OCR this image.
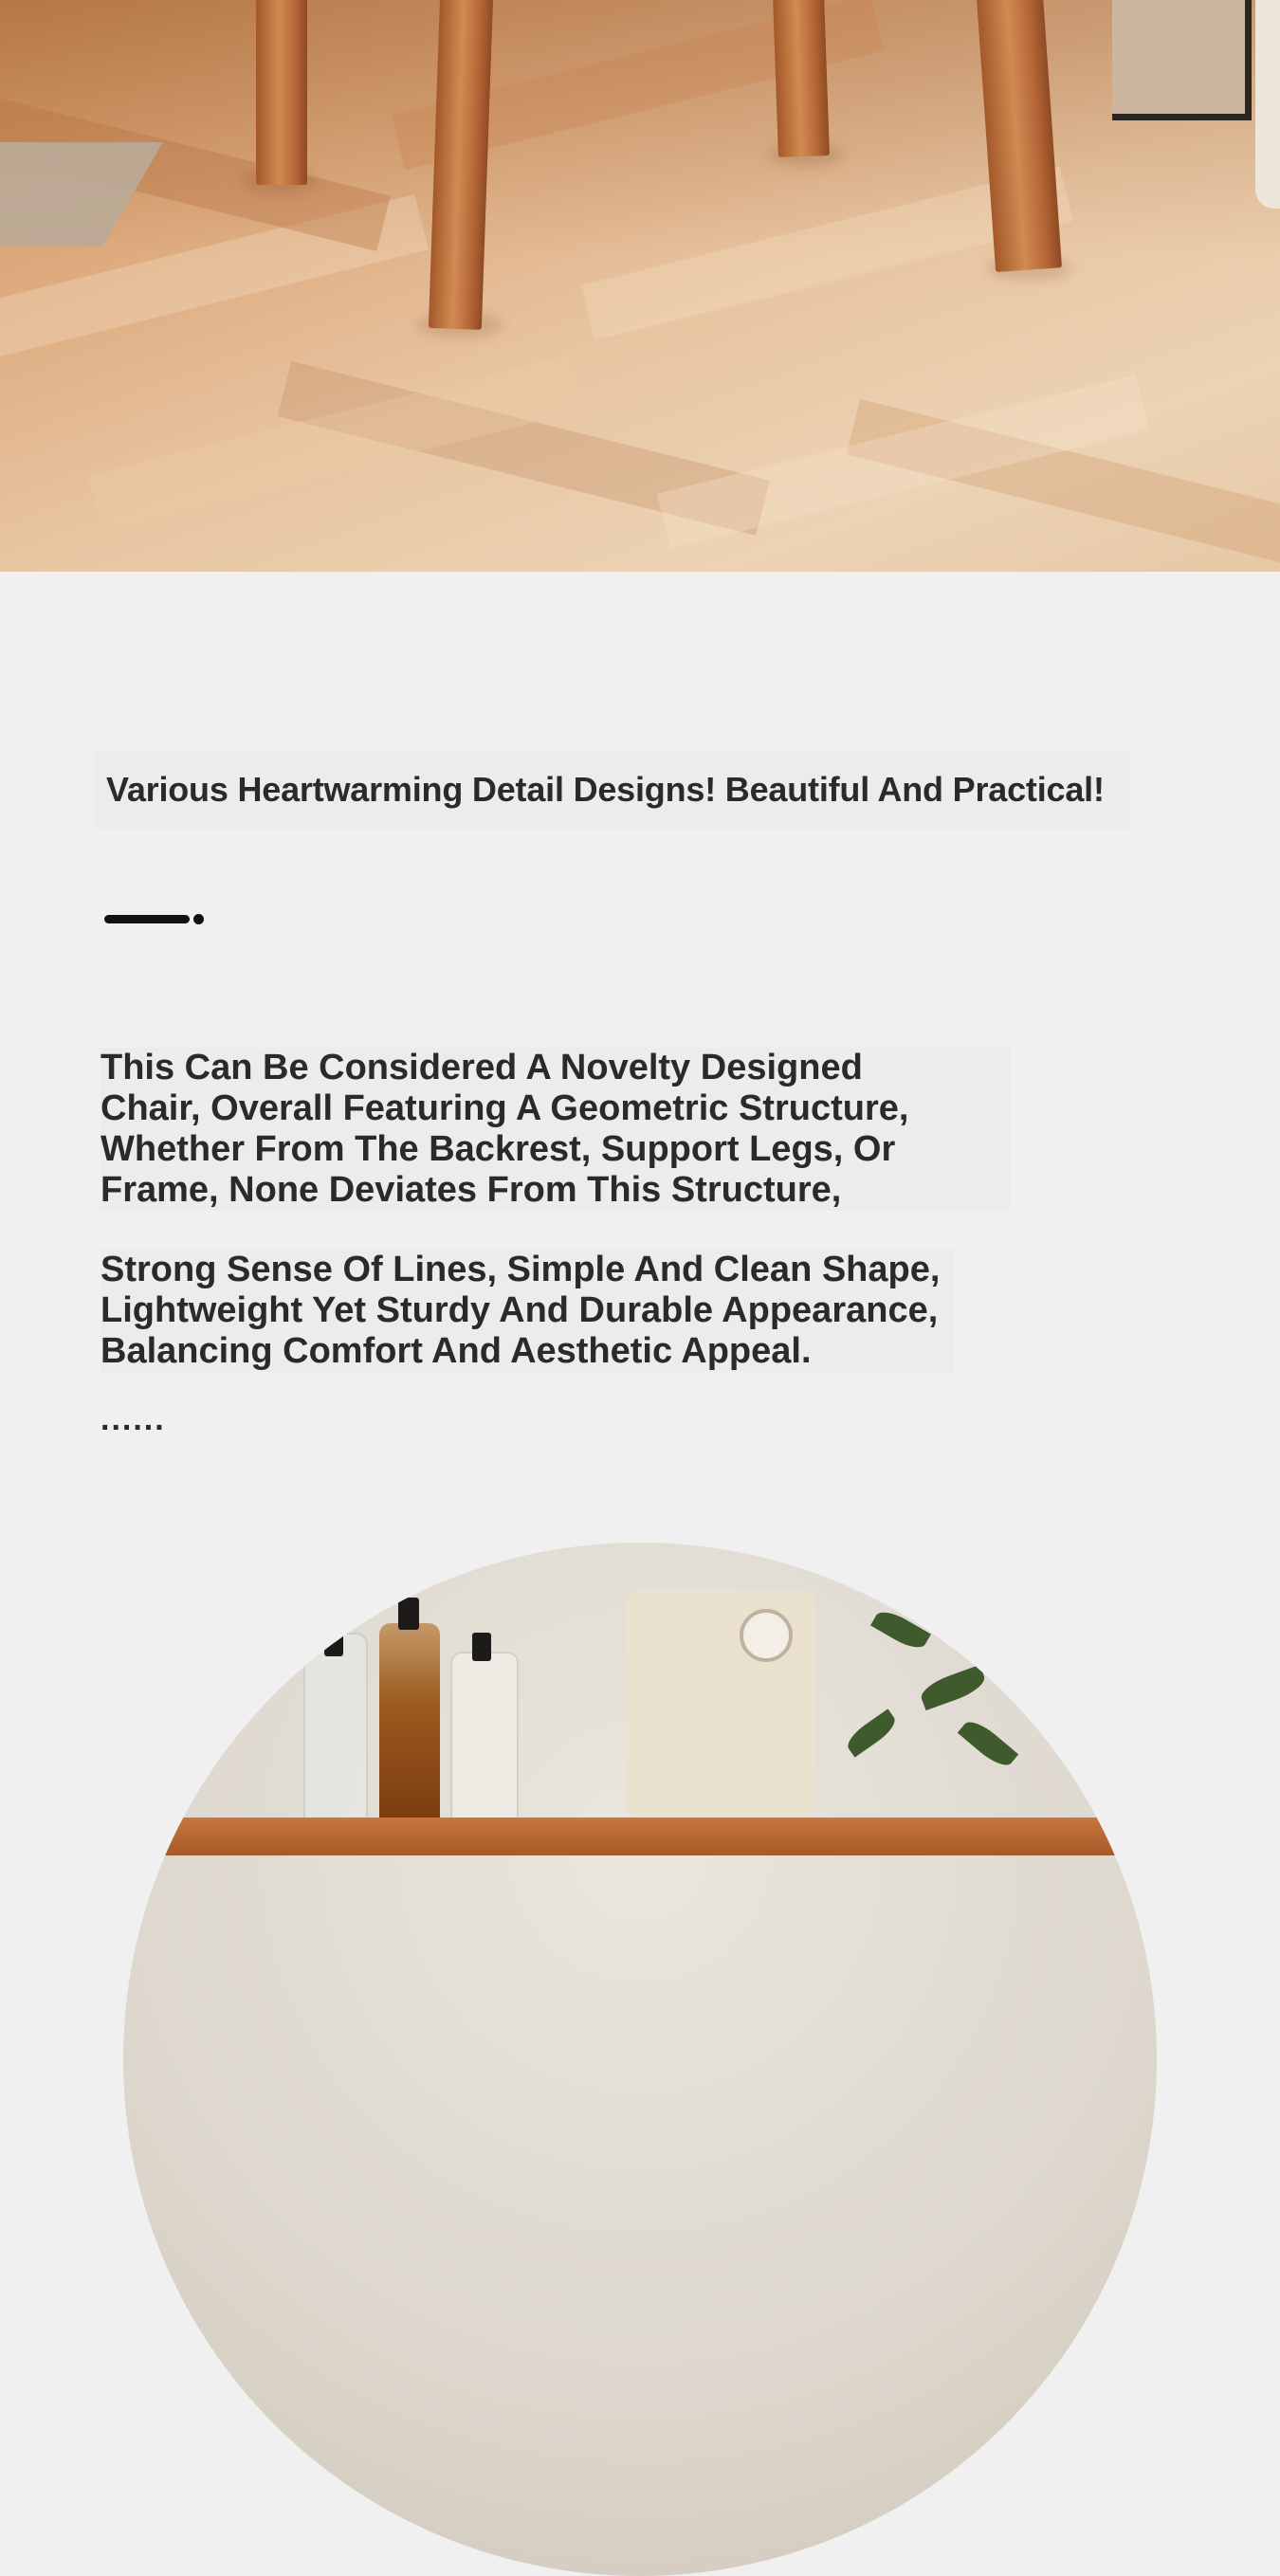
Various Heartwarming Detail Designs! Beautiful And Practical!

This Can Be Considered A Novelty Designed
Chair, Overall Featuring A Geometric Structure,
Whether From The Backrest, Support Legs, Or
Frame, None Deviates From This Structure,

Strong Sense Of Lines, Simple And Clean Shape,
Lightweight Yet Sturdy And Durable Appearance,
Balancing Comfort And Aesthetic Appeal.

......
